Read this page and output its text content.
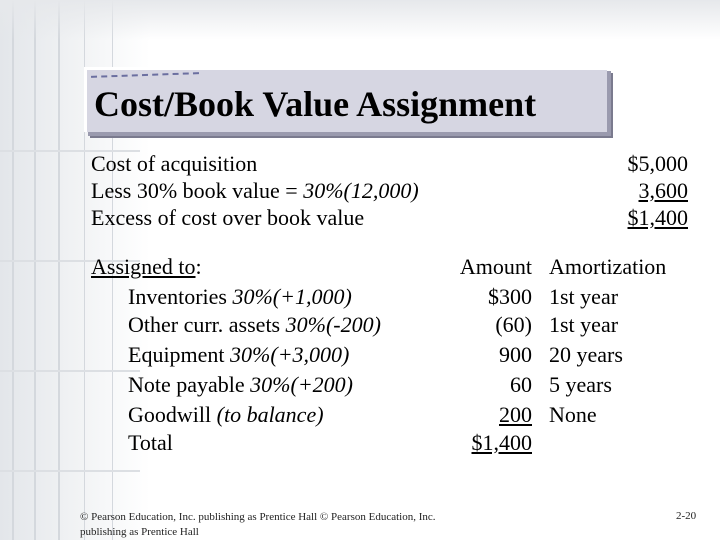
Cost/Book Value Assignment
Cost of acquisition	$5,000
Less 30% book value = 30%(12,000)	3,600
Excess of cost over book value	$1,400
Assigned to:	Amount Amortization
Inventories 30%(+1,000)	$300 1st year
Other curr. assets 30%(-200)	(60) 1st year
Equipment 30%(+3,000)	900 20 years
Note payable 30%(+200)	60 5 years
Goodwill (to balance)	200 None
Total	$1,400
© Pearson Education, Inc. publishing as Prentice Hall © Pearson Education, Inc. publishing as Prentice Hall
2-20
